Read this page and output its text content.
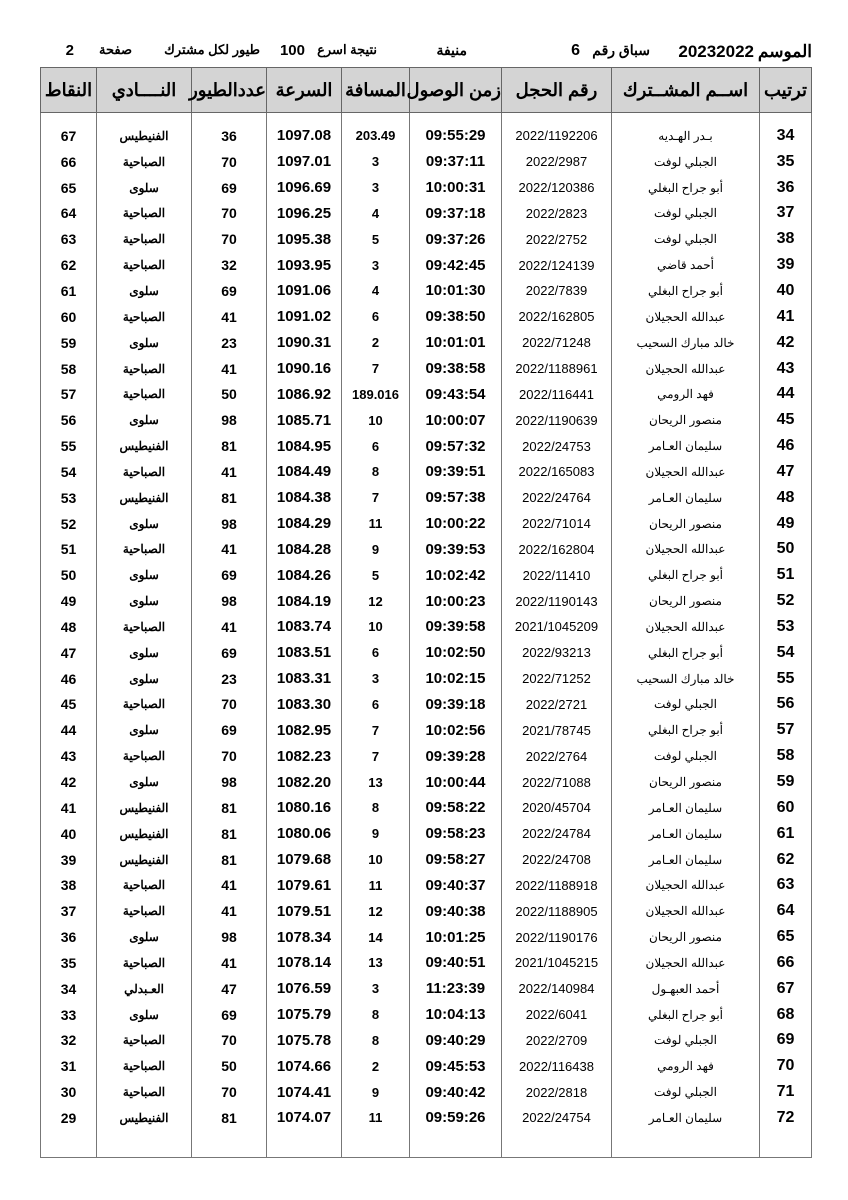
الموسم
20232022
سباق رقم
6
منيفة
نتيجة اسرع
100
طيور لكل مشترك
صفحة
2
ترتيب	اســم المشــترك	رقم الحجل	زمن الوصول	المسافة	السرعة	عددالطيور	النــــادي	النقاط
34	بـدر الهـديه	2022/1192206	09:55:29	203.49	1097.08	36	الفنيطيس	67
35	الجبلي لوفت	2022/2987	09:37:11	3	1097.01	70	الصباحية	66
36	أبو جراح البغلي	2022/120386	10:00:31	3	1096.69	69	سلوى	65
37	الجبلي لوفت	2022/2823	09:37:18	4	1096.25	70	الصباحية	64
38	الجبلي لوفت	2022/2752	09:37:26	5	1095.38	70	الصباحية	63
39	أحمد قاضي	2022/124139	09:42:45	3	1093.95	32	الصباحية	62
40	أبو جراح البغلي	2022/7839	10:01:30	4	1091.06	69	سلوى	61
41	عبدالله الحجيلان	2022/162805	09:38:50	6	1091.02	41	الصباحية	60
42	خالد مبارك السحيب	2022/71248	10:01:01	2	1090.31	23	سلوى	59
43	عبدالله الحجيلان	2022/1188961	09:38:58	7	1090.16	41	الصباحية	58
44	فهد الرومي	2022/116441	09:43:54	189.016	1086.92	50	الصباحية	57
45	منصور الريحان	2022/1190639	10:00:07	10	1085.71	98	سلوى	56
46	سليمان العـامر	2022/24753	09:57:32	6	1084.95	81	الفنيطيس	55
47	عبدالله الحجيلان	2022/165083	09:39:51	8	1084.49	41	الصباحية	54
48	سليمان العـامر	2022/24764	09:57:38	7	1084.38	81	الفنيطيس	53
49	منصور الريحان	2022/71014	10:00:22	11	1084.29	98	سلوى	52
50	عبدالله الحجيلان	2022/162804	09:39:53	9	1084.28	41	الصباحية	51
51	أبو جراح البغلي	2022/11410	10:02:42	5	1084.26	69	سلوى	50
52	منصور الريحان	2022/1190143	10:00:23	12	1084.19	98	سلوى	49
53	عبدالله الحجيلان	2021/1045209	09:39:58	10	1083.74	41	الصباحية	48
54	أبو جراح البغلي	2022/93213	10:02:50	6	1083.51	69	سلوى	47
55	خالد مبارك السحيب	2022/71252	10:02:15	3	1083.31	23	سلوى	46
56	الجبلي لوفت	2022/2721	09:39:18	6	1083.30	70	الصباحية	45
57	أبو جراح البغلي	2021/78745	10:02:56	7	1082.95	69	سلوى	44
58	الجبلي لوفت	2022/2764	09:39:28	7	1082.23	70	الصباحية	43
59	منصور الريحان	2022/71088	10:00:44	13	1082.20	98	سلوى	42
60	سليمان العـامر	2020/45704	09:58:22	8	1080.16	81	الفنيطيس	41
61	سليمان العـامر	2022/24784	09:58:23	9	1080.06	81	الفنيطيس	40
62	سليمان العـامر	2022/24708	09:58:27	10	1079.68	81	الفنيطيس	39
63	عبدالله الحجيلان	2022/1188918	09:40:37	11	1079.61	41	الصباحية	38
64	عبدالله الحجيلان	2022/1188905	09:40:38	12	1079.51	41	الصباحية	37
65	منصور الريحان	2022/1190176	10:01:25	14	1078.34	98	سلوى	36
66	عبدالله الحجيلان	2021/1045215	09:40:51	13	1078.14	41	الصباحية	35
67	أحمد العبهـول	2022/140984	11:23:39	3	1076.59	47	العـبدلي	34
68	أبو جراح البغلي	2022/6041	10:04:13	8	1075.79	69	سلوى	33
69	الجبلي لوفت	2022/2709	09:40:29	8	1075.78	70	الصباحية	32
70	فهد الرومي	2022/116438	09:45:53	2	1074.66	50	الصباحية	31
71	الجبلي لوفت	2022/2818	09:40:42	9	1074.41	70	الصباحية	30
72	سليمان العـامر	2022/24754	09:59:26	11	1074.07	81	الفنيطيس	29
